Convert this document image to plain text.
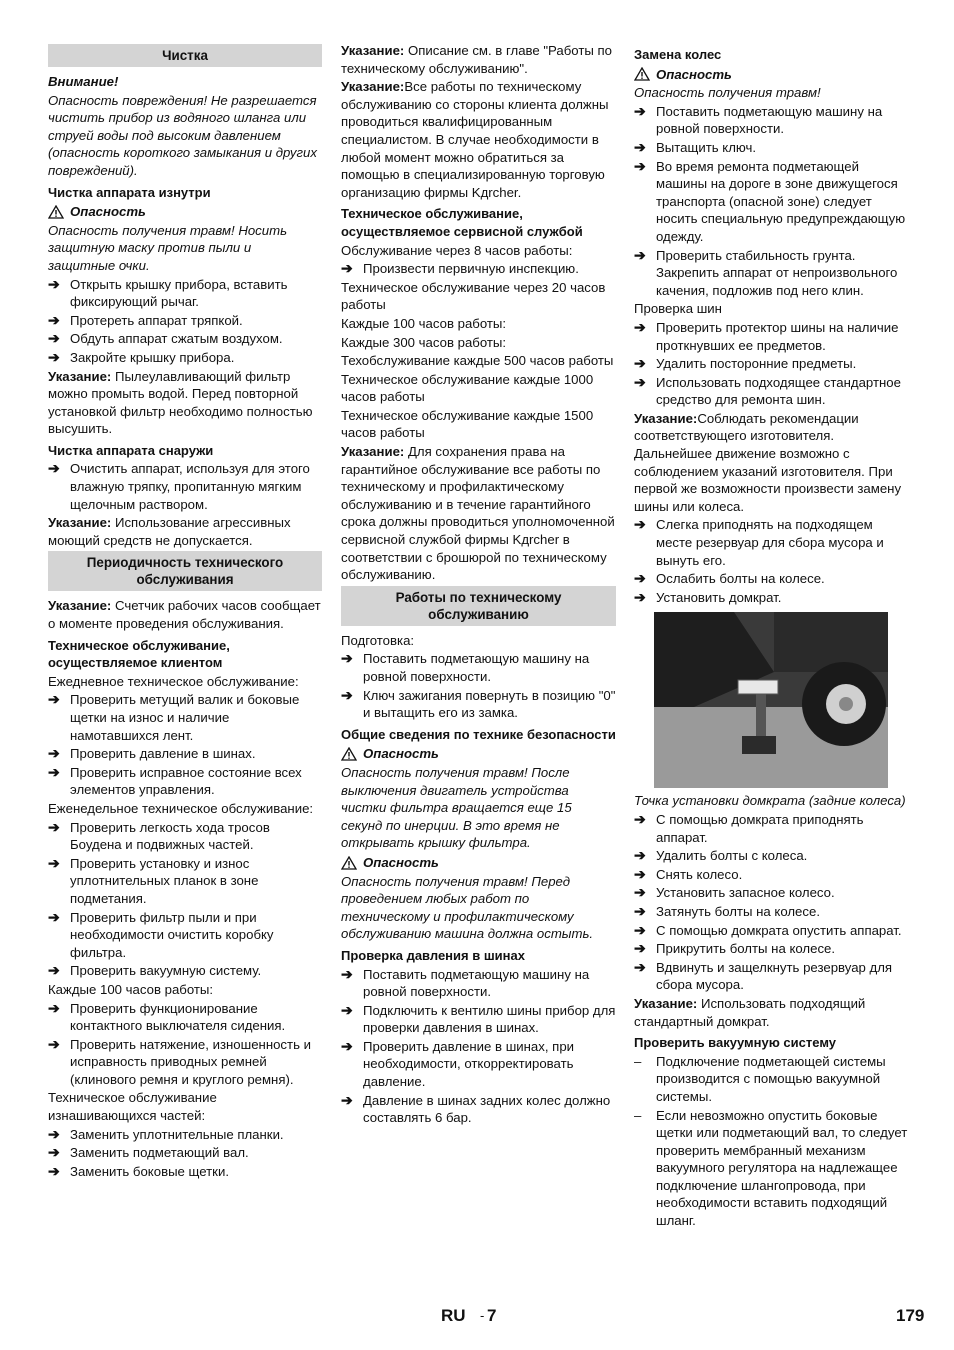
Чистка
Внимание!
Опасность повреждения! Не разрешается чистить прибор из водяного шланга или струей воды под высоким давлением (опасность короткого замыкания и других повреждений).
Чистка аппарата изнутри
Опасность
Опасность получения травм! Носить защитную маску против пыли и защитные очки.
➔ Открыть крышку прибора, вставить фиксирующий рычаг.
➔ Протереть аппарат тряпкой.
➔ Обдуть аппарат сжатым воздухом.
➔ Закройте крышку прибора.
Указание: Пылеулавливающий фильтр можно промыть водой. Перед повторной установкой фильтр необходимо полностью высушить.
Чистка аппарата снаружи
➔ Очистить аппарат, используя для этого влажную тряпку, пропитанную мягким щелочным раствором.
Указание: Использование агрессивных моющий средств не допускается.
Периодичность технического обслуживания
Указание: Счетчик рабочих часов сообщает о моменте проведения обслуживания.
Техническое обслуживание, осуществляемое клиентом
Ежедневное техническое обслуживание:
➔ Проверить метущий валик и боковые щетки на износ и наличие намотавшихся лент.
➔ Проверить давление в шинах.
➔ Проверить исправное состояние всех элементов управления.
Еженедельное техническое обслуживание:
➔ Проверить легкость хода тросов Боудена и подвижных частей.
➔ Проверить установку и износ уплотнительных планок в зоне подметания.
➔ Проверить фильтр пыли и при необходимости очистить коробку фильтра.
➔ Проверить вакуумную систему.
Каждые 100 часов работы:
➔ Проверить функционирование контактного выключателя сидения.
➔ Проверить натяжение, изношенность и исправность приводных ремней (клинового ремня и круглого ремня).
Техническое обслуживание изнашивающихся частей:
➔ Заменить уплотнительные планки.
➔ Заменить подметающий вал.
➔ Заменить боковые щетки.
Указание: Описание см. в главе "Работы по техническому обслуживанию".
Указание:Все работы по техническому обслуживанию со стороны клиента должны проводиться квалифицированным специалистом. В случае необходимости в любой момент можно обратиться за помощью в специализированную торговую организацию фирмы Kдrcher.
Техническое обслуживание, осуществляемое сервисной службой
Обслуживание через 8 часов работы:
➔ Произвести первичную инспекцию.
Техническое обслуживание через 20 часов работы
Каждые 100 часов работы:
Каждые 300 часов работы:
Техобслуживание каждые 500 часов работы
Техническое обслуживание каждые 1000 часов работы
Техническое обслуживание каждые 1500 часов работы
Указание: Для сохранения права на гарантийное обслуживание все работы по техническому и профилактическому обслуживанию и в течение гарантийного срока должны проводиться уполномоченной сервисной службой фирмы Kдrcher в соответствии с брошюрой по техническому обслуживанию.
Работы по техническому обслуживанию
Подготовка:
➔ Поставить подметающую машину на ровной поверхности.
➔ Ключ зажигания повернуть в позицию "0" и вытащить его из замка.
Общие сведения по технике безопасности
Опасность
Опасность получения травм! После выключения двигатель устройства чистки фильтра вращается еще 15 секунд по инерции. В это время не открывать крышку фильтра.
Опасность
Опасность получения травм! Перед проведением любых работ по техническому и профилактическому обслуживанию машина должна остыть.
Проверка давления в шинах
➔ Поставить подметающую машину на ровной поверхности.
➔ Подключить к вентилю шины прибор для проверки давления в шинах.
➔ Проверить давление в шинах, при необходимости, откорректировать давление.
➔ Давление в шинах задних колес должно составлять 6 бар.
Замена колес
Опасность
Опасность получения травм!
➔ Поставить подметающую машину на ровной поверхности.
➔ Вытащить ключ.
➔ Во время ремонта подметающей машины на дороге в зоне движущегося транспорта (опасной зоне) следует носить специальную предупреждающую одежду.
➔ Проверить стабильность грунта. Закрепить аппарат от непроизвольного качения, подложив под него клин.
Проверка шин
➔ Проверить протектор шины на наличие проткнувших ее предметов.
➔ Удалить посторонние предметы.
➔ Использовать подходящее стандартное средство для ремонта шин.
Указание:Соблюдать рекомендации соответствующего изготовителя. Дальнейшее движение возможно с соблюдением указаний изготовителя. При первой же возможности произвести замену шины или колеса.
➔ Слегка приподнять на подходящем месте резервуар для сбора мусора и вынуть его.
➔ Ослабить болты на колесе.
➔ Установить домкрат.
Точка установки домкрата (задние колеса)
➔ С помощью домкрата приподнять аппарат.
➔ Удалить болты с колеса.
➔ Снять колесо.
➔ Установить запасное колесо.
➔ Затянуть болты на колесе.
➔ С помощью домкрата опустить аппарат.
➔ Прикрутить болты на колесе.
➔ Вдвинуть и защелкнуть резервуар для сбора мусора.
Указание: Использовать подходящий стандартный домкрат.
Проверить вакуумную систему
–	Подключение подметающей системы производится с помощью вакуумной системы.
–	Если невозможно опустить боковые щетки или подметающий вал, то следует проверить мембранный механизм вакуумного регулятора на надлежащее подключение шлангопровода, при необходимости вставить подходящий шланг.
RU - 7	179
